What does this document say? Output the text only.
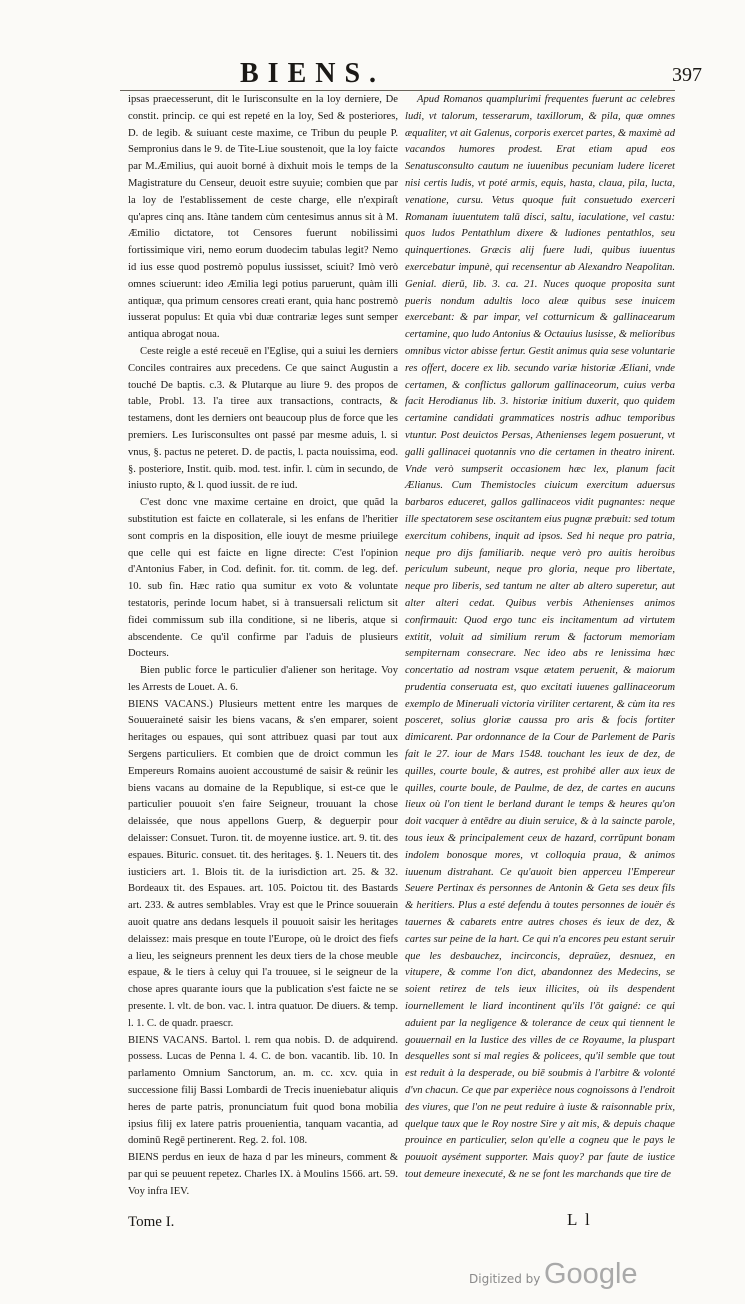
BIENS.	397

ipsas praecesserunt, dit le Iurisconsulte en la loy derniere, De constit. princip. ce qui est repeté en la loy, Sed & posteriores, D. de legib. & suiuant ceste maxime, ce Tribun du peuple P. Sempronius dans le 9. de Tite-Liue soustenoit, que la loy faicte par M.Æmilius, qui auoit borné à dixhuit mois le temps de la Magistrature du Censeur, deuoit estre suyuie; combien que par la loy de l'establissement de ceste charge, elle n'expiraſt qu'apres cinq ans. Itàne tandem cùm centesimus annus sit à M. Æmilio dictatore, tot Censores fuerunt nobilissimi fortissimique viri, nemo eorum duodecim tabulas legit? Nemo id ius esse quod postremò populus iussisset, sciuit? Imò verò omnes sciuerunt: ideo Æmilia legi potius paruerunt, quàm illi antiquæ, qua primum censores creati erant, quia hanc postremò iusserat populus: Et quia vbi duæ contrariæ leges sunt semper antiqua abrogat noua.

Ceste reigle a esté receuë en l'Eglise, qui a suiui les derniers Conciles contraires aux precedens. Ce que sainct Augustin a touché De baptis. c.3. & Plutarque au liure 9. des propos de table, Probl. 13. l'a tiree aux transactions, contracts, & testamens, dont les derniers ont beaucoup plus de force que les premiers. Les Iurisconsultes ont passé par mesme aduis, l. si vnus, §. pactus ne peteret. D. de pactis, l. pacta nouissima, eod. §. posteriore, Instit. quib. mod. test. infir. l. cùm in secundo, de iniusto rupto, & l. quod iussit. de re iud.

C'est donc vne maxime certaine en droict, que quãd la substitution est faicte en collaterale, si les enfans de l'heritier sont compris en la disposition, elle iouyt de mesme priuilege que celle qui est faicte en ligne directe: C'est l'opinion d'Antonius Faber, in Cod. definit. for. tit. comm. de leg. def. 10. sub fin. Hæc ratio qua sumitur ex voto & voluntate testatoris, perinde locum habet, si à transuersali relictum sit fidei commissum sub illa conditione, si ne liberis, atque si abscendente. Ce qu'il confirme par l'aduis de plusieurs Docteurs.

Bien public force le particulier d'aliener son heritage. Voy les Arrests de Louet. A. 6.

BIENS VACANS.) Plusieurs mettent entre les marques de Souueraineté saisir les biens vacans, & s'en emparer, soient heritages ou espaues, qui sont attribuez quasi par tout aux Sergens particuliers. Et combien que de droict commun les Empereurs Romains auoient accoustumé de saisir & reünir les biens vacans au domaine de la Republique, si est-ce que le particulier pouuoit s'en faire Seigneur, trouuant la chose delaissée, que nous appellons Guerp, & deguerpir pour delaisser: Consuet. Turon. tit. de moyenne iustice. art. 9. tit. des espaues. Bituric. consuet. tit. des heritages. §. 1. Neuers tit. des iusticiers art. 1. Blois tit. de la iurisdiction art. 25. & 32. Bordeaux tit. des Espaues. art. 105. Poictou tit. des Bastards art. 233. & autres semblables. Vray est que le Prince souuerain auoit quatre ans dedans lesquels il pouuoit saisir les heritages delaissez: mais presque en toute l'Europe, où le droict des fiefs a lieu, les seigneurs prennent les deux tiers de la chose meuble espaue, & le tiers à celuy qui l'a trouuee, si le seigneur de la chose apres quarante iours que la publication s'est faicte ne se presente. l. vlt. de bon. vac. l. intra quatuor. De diuers. & temp. l. 1. C. de quadr. praescr.

BIENS VACANS. Bartol. l. rem qua nobis. D. de adquirend. possess. Lucas de Penna l. 4. C. de bon. vacantib. lib. 10. In parlamento Omnium Sanctorum, an. m. cc. xcv. quia in successione filij Bassi Lombardi de Trecis inueniebatur aliquis heres de parte patris, pronunciatum fuit quod bona mobilia ipsius filij ex latere patris prouenientia, tanquam vacantia, ad dominū Regē pertinerent. Reg. 2. fol. 108.

BIENS perdus en ieux de haza d par les mineurs, comment & par qui se peuuent repetez. Charles IX. à Moulins 1566. art. 59. Voy infra IEV.

Apud Romanos quamplurimi frequentes fuerunt ac celebres ludi, vt talorum, tesserarum, taxillorum, & pila, quæ omnes æqualiter, vt ait Galenus, corporis exercet partes, & maximè ad vacandos humores prodest. Erat etiam apud eos Senatusconsulto cautum ne iuuenibus pecuniam ludere liceret nisi certis ludis, vt poté armis, equis, hasta, claua, pila, lucta, venatione, cursu. Vetus quoque fuit consuetudo exerceri Romanam iuuentutem talū disci, saltu, iaculatione, vel castu: quos ludos Pentathlum dixere & ludiones pentathlos, seu quinquertiones. Græcis alij fuere ludi, quibus iuuentus exercebatur impunè, qui recensentur ab Alexandro Neapolitan. Genial. dierū, lib. 3. ca. 21. Nuces quoque proposita sunt pueris nondum adultis loco aleæ quibus sese inuicem exercebant: & par impar, vel cotturnicum & gallinacearum certamine, quo ludo Antonius & Octauius lusisse, & melioribus omnibus victor abisse fertur. Gestit animus quia sese voluntarie res offert, docere ex lib. secundo variæ historiæ Æliani, vnde certamen, & conflictus gallorum gallinaceorum, cuius verba facit Herodianus lib. 3. historiæ initium duxerit, quo quidem certamine candidati grammatices nostris adhuc temporibus vtuntur. Post deuictos Persas, Athenienses legem posuerunt, vt galli gallinacei quotannis vno die certamen in theatro inirent. Vnde verò sumpserit occasionem hæc lex, planum facit Ælianus. Cum Themistocles ciuicum exercitum aduersus barbaros educeret, gallos gallinaceos vidit pugnantes: neque ille spectatorem sese oscitantem eius pugnæ præbuit: sed totum exercitum cohibens, inquit ad ipsos. Sed hi neque pro patria, neque pro dijs familiarib. neque verò pro auitis heroibus periculum subeunt, neque pro gloria, neque pro libertate, neque pro liberis, sed tantum ne alter ab altero superetur, aut alter alteri cedat. Quibus verbis Athenienses animos confirmauit: Quod ergo tunc eis incitamentum ad virtutem extitit, voluit ad similium rerum & factorum memoriam sempiternam consecrare. Nec ideo abs re lenissima hæc concertatio ad nostram vsque ætatem peruenit, & maiorum prudentia conseruata est, quo excitati iuuenes gallinaceorum exemplo de Mineruali victoria viriliter certarent, & cùm ita res posceret, solius gloriæ caussa pro aris & focis fortiter dimicarent. Par ordonnance de la Cour de Parlement de Paris fait le 27. iour de Mars 1548. touchant les ieux de dez, de quilles, courte boule, & autres, est prohibé aller aux ieux de quilles, courte boule, de Paulme, de dez, de cartes en aucuns lieux où l'on tient le berland durant le temps & heures qu'on doit vacquer à entēdre au diuin seruice, & à la saincte parole, tous ieux & principalement ceux de hazard, corrūpunt bonam indolem bonosque mores, vt colloquia praua, & animos iuuenum distrahant. Ce qu'auoit bien apperceu l'Empereur Seuere Pertinax és personnes de Antonin & Geta ses deux fils & heritiers. Plus a esté defendu à toutes personnes de iouër és tauernes & cabarets entre autres choses és ieux de dez, & cartes sur peine de la hart. Ce qui n'a encores peu estant seruir que les desbauchez, incirconcis, depraüez, desnuez, en vitupere, & comme l'on dict, abandonnez des Medecins, se soient retirez de tels ieux illicites, où ils despendent iournellement le liard incontinent qu'ils l'ōt gaigné: ce qui aduient par la negligence & tolerance de ceux qui tiennent le gouuernail en la Iustice des villes de ce Royaume, la pluspart desquelles sont si mal regies & policees, qu'il semble que tout est reduit à la desperade, ou biē soubmis à l'arbitre & volonté d'vn chacun. Ce que par experièce nous cognoissons à l'endroit des viures, que l'on ne peut reduire à iuste & raisonnable prix, quelque taux que le Roy nostre Sire y ait mis, & depuis chaque prouince en particulier, selon qu'elle a cogneu que le pays le pouuoit aysément supporter. Mais quoy? par faute de iustice tout demeure inexecuté, & ne se font les marchands que tire de

Tome I.	L l
Digitized by Google
